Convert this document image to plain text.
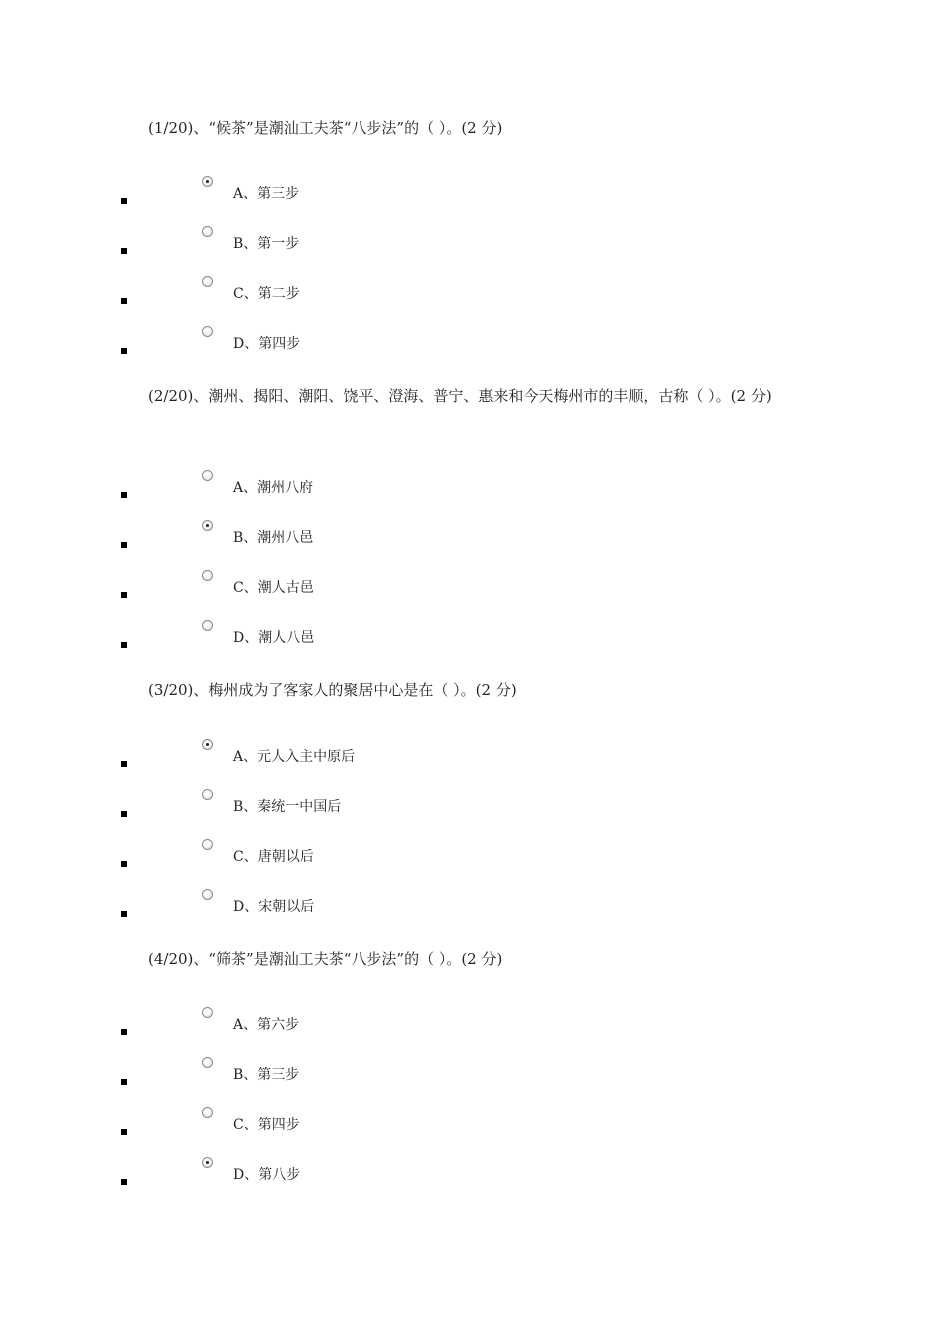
(1/20)、“候茶”是潮汕工夫茶“八步法”的（ ）。(2 分)
A、第三步
B、第一步
C、第二步
D、第四步
(2/20)、潮州、揭阳、潮阳、饶平、澄海、普宁、惠来和今天梅州市的丰顺，古称（ ）。(2 分)
A、潮州八府
B、潮州八邑
C、潮人古邑
D、潮人八邑
(3/20)、梅州成为了客家人的聚居中心是在（ ）。(2 分)
A、元人入主中原后
B、秦统一中国后
C、唐朝以后
D、宋朝以后
(4/20)、“筛茶”是潮汕工夫茶“八步法”的（ ）。(2 分)
A、第六步
B、第三步
C、第四步
D、第八步
